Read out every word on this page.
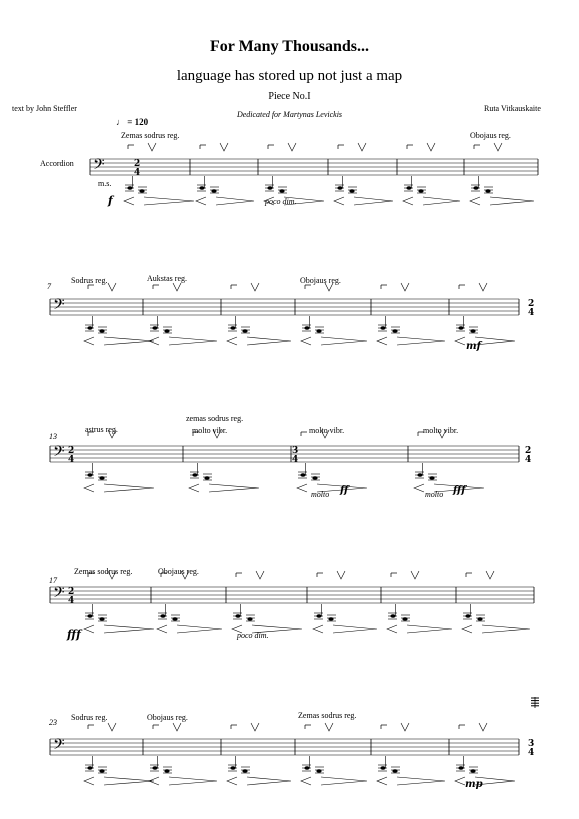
For Many Thousands...
language has stored up not just a map
Piece No.I
Dedicated for Martynas Levickis
text by John Steffler	Ruta Vitkauskaite
♩ = 120
Accordion
Zemas sodrus reg.	Obojaus reg.
m.s.
poco dim.
f
7
Sodrus reg.	Aukstas reg.	Obojaus reg.
mf
13
astrus reg.
zemas sodrus reg.
molto vibr.	molto vibr.	molto vibr.
molto	molto
ff	fff
17
Zemas sodrus reg.	Obojaus reg.
poco dim.
fff
23
Sodrus reg.	Obojaus reg.	Zemas sodrus reg.
mp
𝄢	2
4
𝄢	2
4
𝄢 2
4
3
4
2
4
𝄢 2
4
𝄢	3
4
